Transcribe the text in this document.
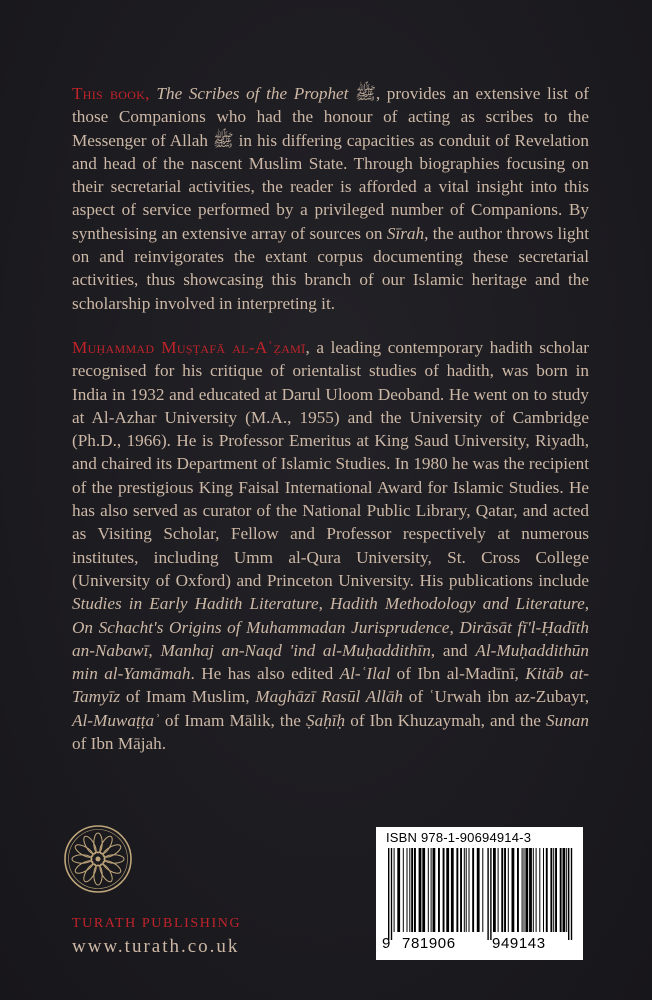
This book, The Scribes of the Prophet ﷺ, provides an extensive list of those Companions who had the honour of acting as scribes to the Messenger of Allah ﷺ in his differing capacities as conduit of Revelation and head of the nascent Muslim State. Through biographies focusing on their secretarial activities, the reader is afforded a vital insight into this aspect of service performed by a privileged number of Companions. By synthesising an extensive array of sources on Sīrah, the author throws light on and reinvigorates the extant corpus documenting these secretarial activities, thus showcasing this branch of our Islamic heritage and the scholarship involved in interpreting it.

Muḥammad Muṣṭafā al-Aʿẓamī, a leading contemporary hadith scholar recognised for his critique of orientalist studies of hadith, was born in India in 1932 and educated at Darul Uloom Deoband. He went on to study at Al-Azhar University (M.A., 1955) and the University of Cambridge (Ph.D., 1966). He is Professor Emeritus at King Saud University, Riyadh, and chaired its Department of Islamic Studies. In 1980 he was the recipient of the prestigious King Faisal International Award for Islamic Studies. He has also served as curator of the National Public Library, Qatar, and acted as Visiting Scholar, Fellow and Professor respectively at numerous institutes, including Umm al-Qura University, St. Cross College (University of Oxford) and Princeton University. His publications include Studies in Early Hadith Literature, Hadith Methodology and Literature, On Schacht's Origins of Muhammadan Jurisprudence, Dirāsāt fī'l-Ḥadīth an-Nabawī, Manhaj an-Naqd 'ind al-Muḥaddithīn, and Al-Muḥaddithūn min al-Yamāmah. He has also edited Al-ʿIlal of Ibn al-Madīnī, Kitāb at-Tamyīz of Imam Muslim, Maghāzī Rasūl Allāh of ʿUrwah ibn az-Zubayr, Al-Muwaṭṭaʾ of Imam Mālik, the Ṣaḥīḥ of Ibn Khuzaymah, and the Sunan of Ibn Mājah.

TURATH PUBLISHING

www.turath.co.uk

ISBN 978-1-90694914-3
9 781906 949143
